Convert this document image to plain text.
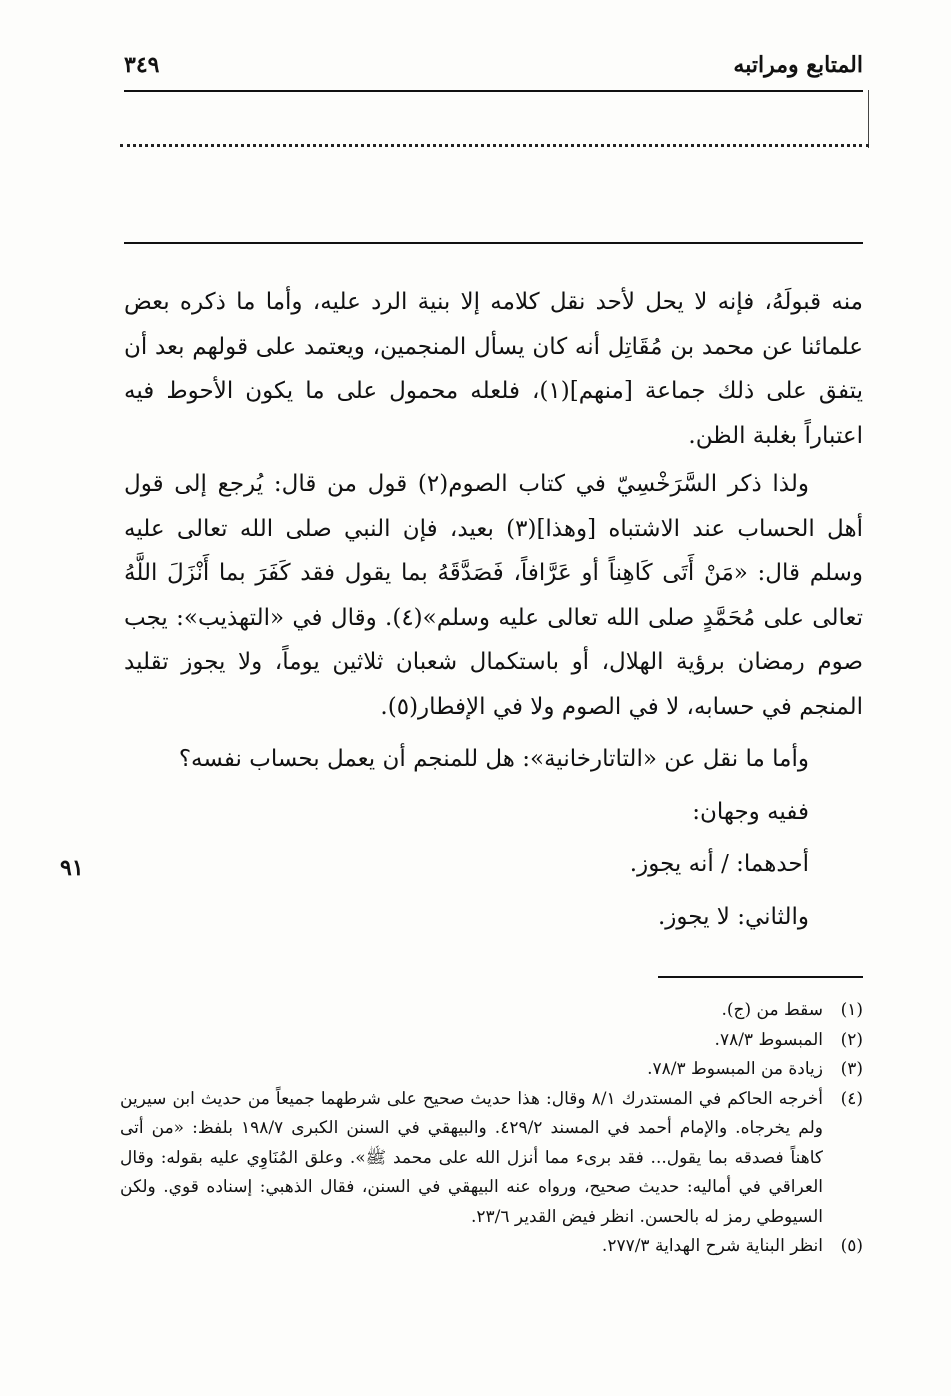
المتابع ومراتبه
٣٤٩

منه قبولَهُ، فإنه لا يحل لأحد نقل كلامه إلا بنية الرد عليه، وأما ما ذكره بعض علمائنا عن محمد بن مُقَاتِل أنه كان يسأل المنجمين، ويعتمد على قولهم بعد أن يتفق على ذلك جماعة [منهم](١)، فلعله محمول على ما يكون الأحوط فيه اعتباراً بغلبة الظن.

ولذا ذكر السَّرَخْسِيّ في كتاب الصوم(٢) قول من قال: يُرجع إلى قول أهل الحساب عند الاشتباه [وهذا](٣) بعيد، فإن النبي صلى الله تعالى عليه وسلم قال: «مَنْ أَتَى كَاهِناً أو عَرَّافاً، فَصَدَّقَهُ بما يقول فقد كَفَرَ بما أَنْزَلَ اللَّهُ تعالى على مُحَمَّدٍ صلى الله تعالى عليه وسلم»(٤). وقال في «التهذيب»: يجب صوم رمضان برؤية الهلال، أو باستكمال شعبان ثلاثين يوماً، ولا يجوز تقليد المنجم في حسابه، لا في الصوم ولا في الإفطار(٥).

وأما ما نقل عن «التاتارخانية»: هل للمنجم أن يعمل بحساب نفسه؟

ففيه وجهان:

أحدهما: / أنه يجوز.

والثاني: لا يجوز.

٩١
(١)
سقط من (ج).
(٢)
المبسوط ٧٨/٣.
(٣)
زيادة من المبسوط ٧٨/٣.
(٤)
أخرجه الحاكم في المستدرك ٨/١ وقال: هذا حديث صحيح على شرطهما جميعاً من حديث ابن سيرين ولم يخرجاه. والإمام أحمد في المسند ٤٢٩/٢. والبيهقي في السنن الكبرى ١٩٨/٧ بلفظ: «من أتى كاهناً فصدقه بما يقول... فقد برىء مما أنزل الله على محمد ﷺ». وعلق المُنَاوِي عليه بقوله: وقال العراقي في أماليه: حديث صحيح، ورواه عنه البيهقي في السنن، فقال الذهبي: إسناده قوي. ولكن السيوطي رمز له بالحسن. انظر فيض القدير ٢٣/٦.
(٥)
انظر البناية شرح الهداية ٢٧٧/٣.
